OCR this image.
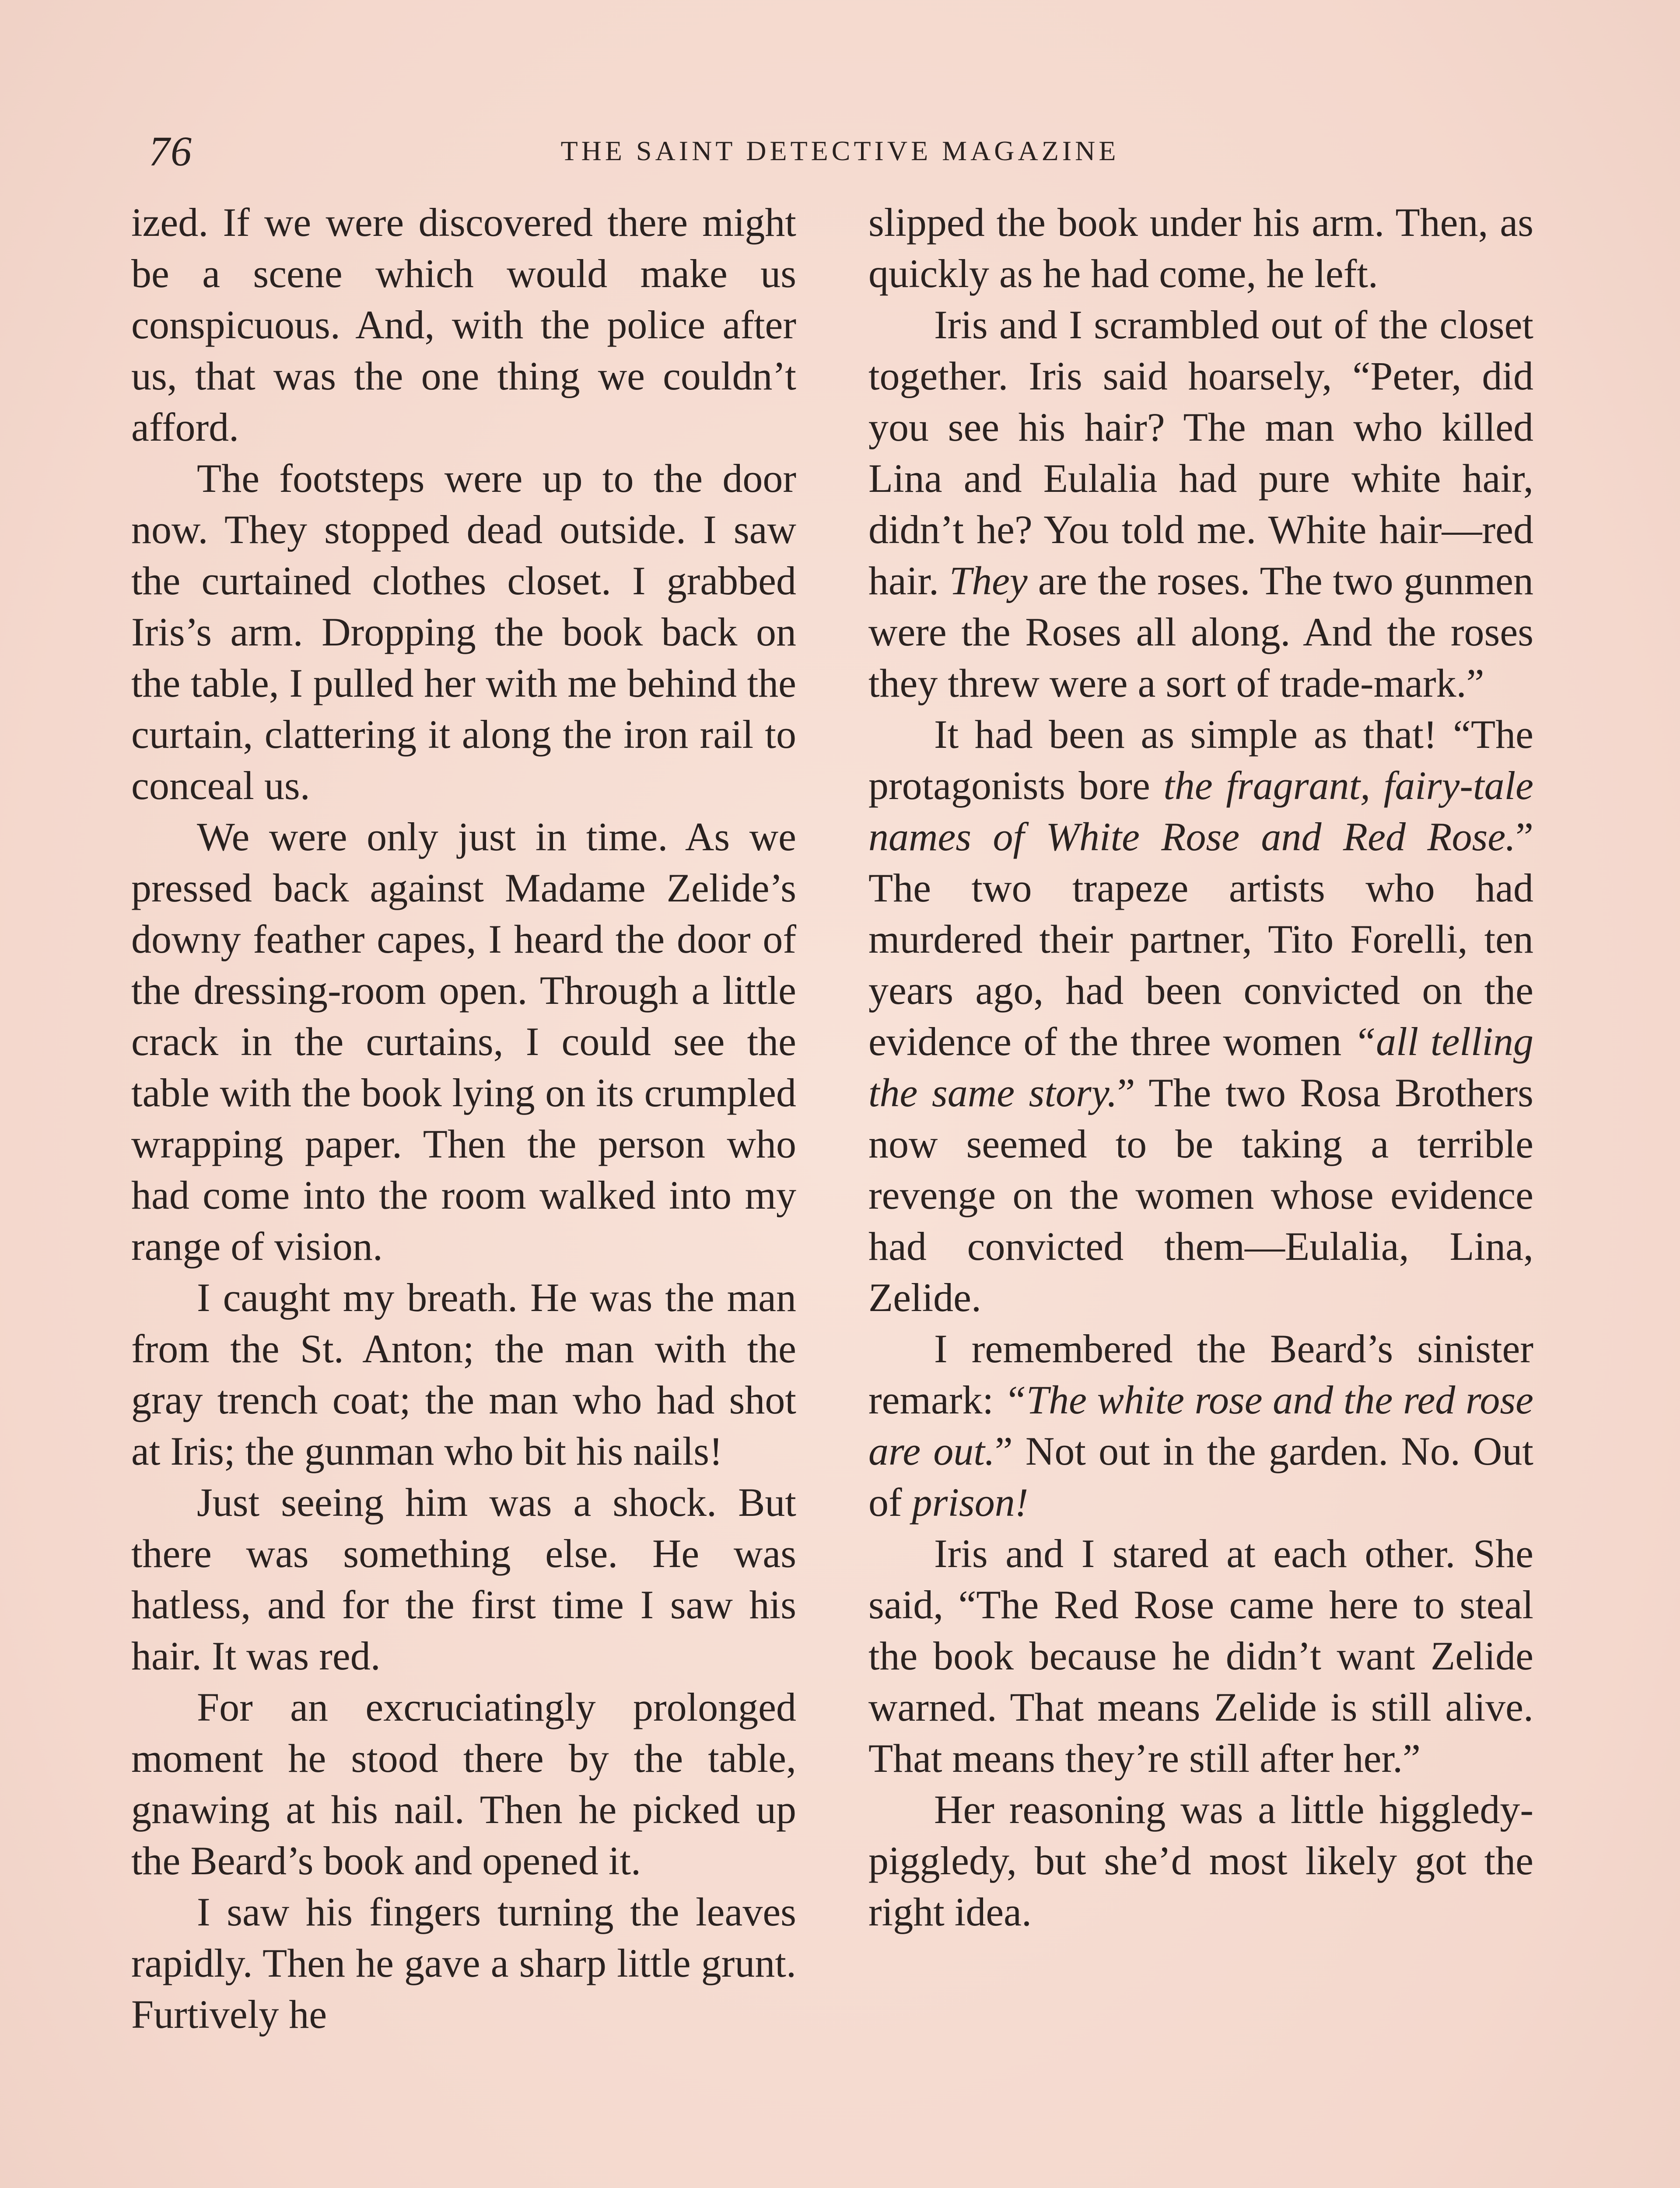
76	THE SAINT DETECTIVE MAGAZINE

ized. If we were discovered there might be a scene which would make us conspicuous. And, with the police after us, that was the one thing we couldn’t afford.

The footsteps were up to the door now. They stopped dead outside. I saw the curtained clothes closet. I grabbed Iris’s arm. Dropping the book back on the table, I pulled her with me behind the curtain, clattering it along the iron rail to conceal us.

We were only just in time. As we pressed back against Madame Zelide’s downy feather capes, I heard the door of the dressing-room open. Through a little crack in the curtains, I could see the table with the book lying on its crumpled wrapping paper. Then the person who had come into the room walked into my range of vision.

I caught my breath. He was the man from the St. Anton; the man with the gray trench coat; the man who had shot at Iris; the gunman who bit his nails!

Just seeing him was a shock. But there was something else. He was hatless, and for the first time I saw his hair. It was red.

For an excruciatingly prolonged moment he stood there by the table, gnawing at his nail. Then he picked up the Beard’s book and opened it.

I saw his fingers turning the leaves rapidly. Then he gave a sharp little grunt. Furtively he

slipped the book under his arm. Then, as quickly as he had come, he left.

Iris and I scrambled out of the closet together. Iris said hoarsely, “Peter, did you see his hair? The man who killed Lina and Eulalia had pure white hair, didn’t he? You told me. White hair—red hair. They are the roses. The two gunmen were the Roses all along. And the roses they threw were a sort of trade-mark.”

It had been as simple as that! “The protagonists bore the fragrant, fairy-tale names of White Rose and Red Rose.” The two trapeze artists who had murdered their partner, Tito Forelli, ten years ago, had been convicted on the evidence of the three women “all telling the same story.” The two Rosa Brothers now seemed to be taking a terrible revenge on the women whose evidence had convicted them—Eulalia, Lina, Zelide.

I remembered the Beard’s sinister remark: “The white rose and the red rose are out.” Not out in the garden. No. Out of prison!

Iris and I stared at each other. She said, “The Red Rose came here to steal the book because he didn’t want Zelide warned. That means Zelide is still alive. That means they’re still after her.”

Her reasoning was a little higgledy-piggledy, but she’d most likely got the right idea.
